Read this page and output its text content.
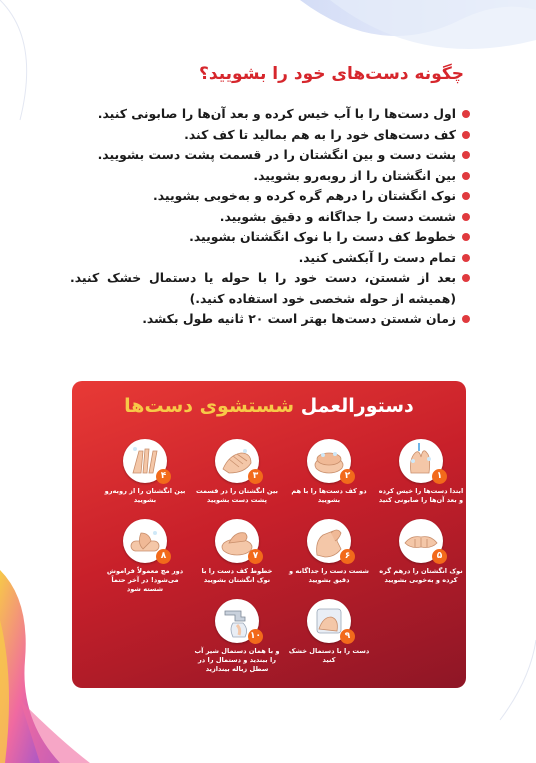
چگونه دست‌های خود را بشویید؟
اول دست‌ها را با آب خیس کرده و بعد آن‌ها را صابونی کنید.
کف دست‌های خود را به هم بمالید تا کف کند.
پشت دست و بین انگشتان را در قسمت پشت دست بشویید.
بین انگشتان را از روبه‌رو بشویید.
نوک انگشتان را درهم گره کرده و به‌خوبی بشویید.
شست دست را جداگانه و دقیق بشویید.
خطوط کف دست را با نوک انگشتان بشویید.
تمام دست را آبکشی کنید.
بعد از شستن، دست خود را با حوله یا دستمال خشک کنید. (همیشه از حوله شخصی خود استفاده کنید.)
زمان شستن دست‌ها بهتر است ۲۰ ثانیه طول بکشد.
دستورالعمل شستشوی دست‌ها
۱
ابتدا دست‌ها را خیس کرده و بعد آن‌ها را صابونی کنید
۲
دو کف دست‌ها را با هم بشویید
۳
بین انگشتان را در قسمت پشت دست بشویید
۴
بین انگشتان را از روبه‌رو بشویید
۵
نوک انگشتان را درهم گره کرده و به‌خوبی بشویید
۶
شست دست را جداگانه و دقیق بشویید
۷
خطوط کف دست را با نوک انگشتان بشویید
۸
دور مچ معمولاً فراموش می‌شود! در آخر حتماً شسته شود
۹
دست را با دستمال خشک کنید
۱۰
و با همان دستمال شیر آب را ببندید و دستمال را در سطل زباله بیندازید
